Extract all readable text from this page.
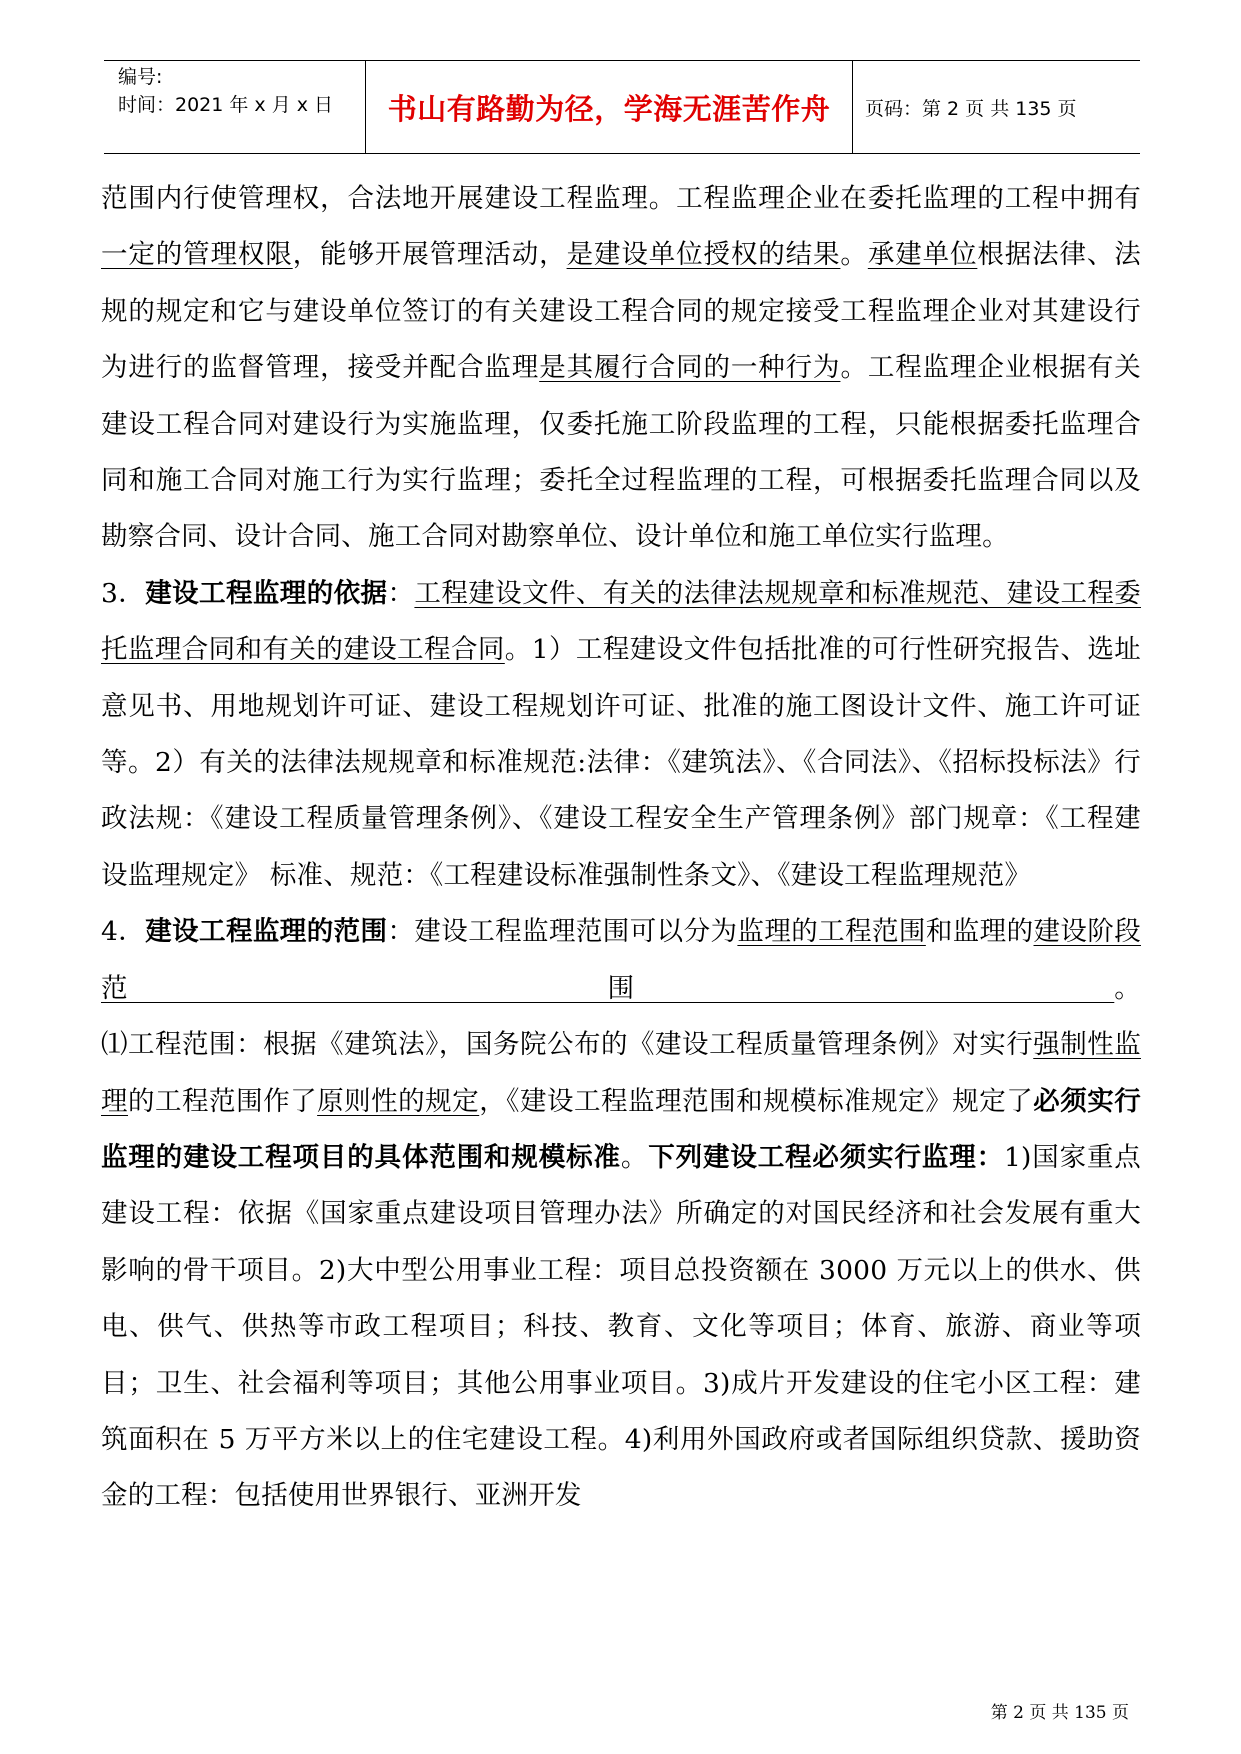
编号:
时间：2021 年 x 月 x 日	书山有路勤为径，学海无涯苦作舟 页码：第 2 页 共 135 页

范围内行使管理权，合法地开展建设工程监理。工程监理企业在委托监理的工程中拥有一定的管理权限，能够开展管理活动，是建设单位授权的结果。承建单位根据法律、法规的规定和它与建设单位签订的有关建设工程合同的规定接受工程监理企业对其建设行为进行的监督管理，接受并配合监理是其履行合同的一种行为。工程监理企业根据有关建设工程合同对建设行为实施监理，仅委托施工阶段监理的工程，只能根据委托监理合同和施工合同对施工行为实行监理；委托全过程监理的工程，可根据委托监理合同以及勘察合同、设计合同、施工合同对勘察单位、设计单位和施工单位实行监理。

3．建设工程监理的依据：工程建设文件、有关的法律法规规章和标准规范、建设工程委托监理合同和有关的建设工程合同。1）工程建设文件包括批准的可行性研究报告、选址意见书、用地规划许可证、建设工程规划许可证、批准的施工图设计文件、施工许可证等。2）有关的法律法规规章和标准规范:法律：《建筑法》、《合同法》、《招标投标法》行政法规：《建设工程质量管理条例》、《建设工程安全生产管理条例》部门规章：《工程建设监理规定》 标准、规范：《工程建设标准强制性条文》、《建设工程监理规范》

4．建设工程监理的范围：建设工程监理范围可以分为监理的工程范围和监理的建设阶段范围。

⑴工程范围：根据《建筑法》，国务院公布的《建设工程质量管理条例》对实行强制性监理的工程范围作了原则性的规定，《建设工程监理范围和规模标准规定》规定了必须实行监理的建设工程项目的具体范围和规模标准。下列建设工程必须实行监理：1)国家重点建设工程：依据《国家重点建设项目管理办法》所确定的对国民经济和社会发展有重大影响的骨干项目。2)大中型公用事业工程：项目总投资额在 3000 万元以上的供水、供电、供气、供热等市政工程项目；科技、教育、文化等项目；体育、旅游、商业等项目；卫生、社会福利等项目；其他公用事业项目。3)成片开发建设的住宅小区工程：建筑面积在 5 万平方米以上的住宅建设工程。4)利用外国政府或者国际组织贷款、援助资金的工程：包括使用世界银行、亚洲开发

第 2 页 共 135 页
